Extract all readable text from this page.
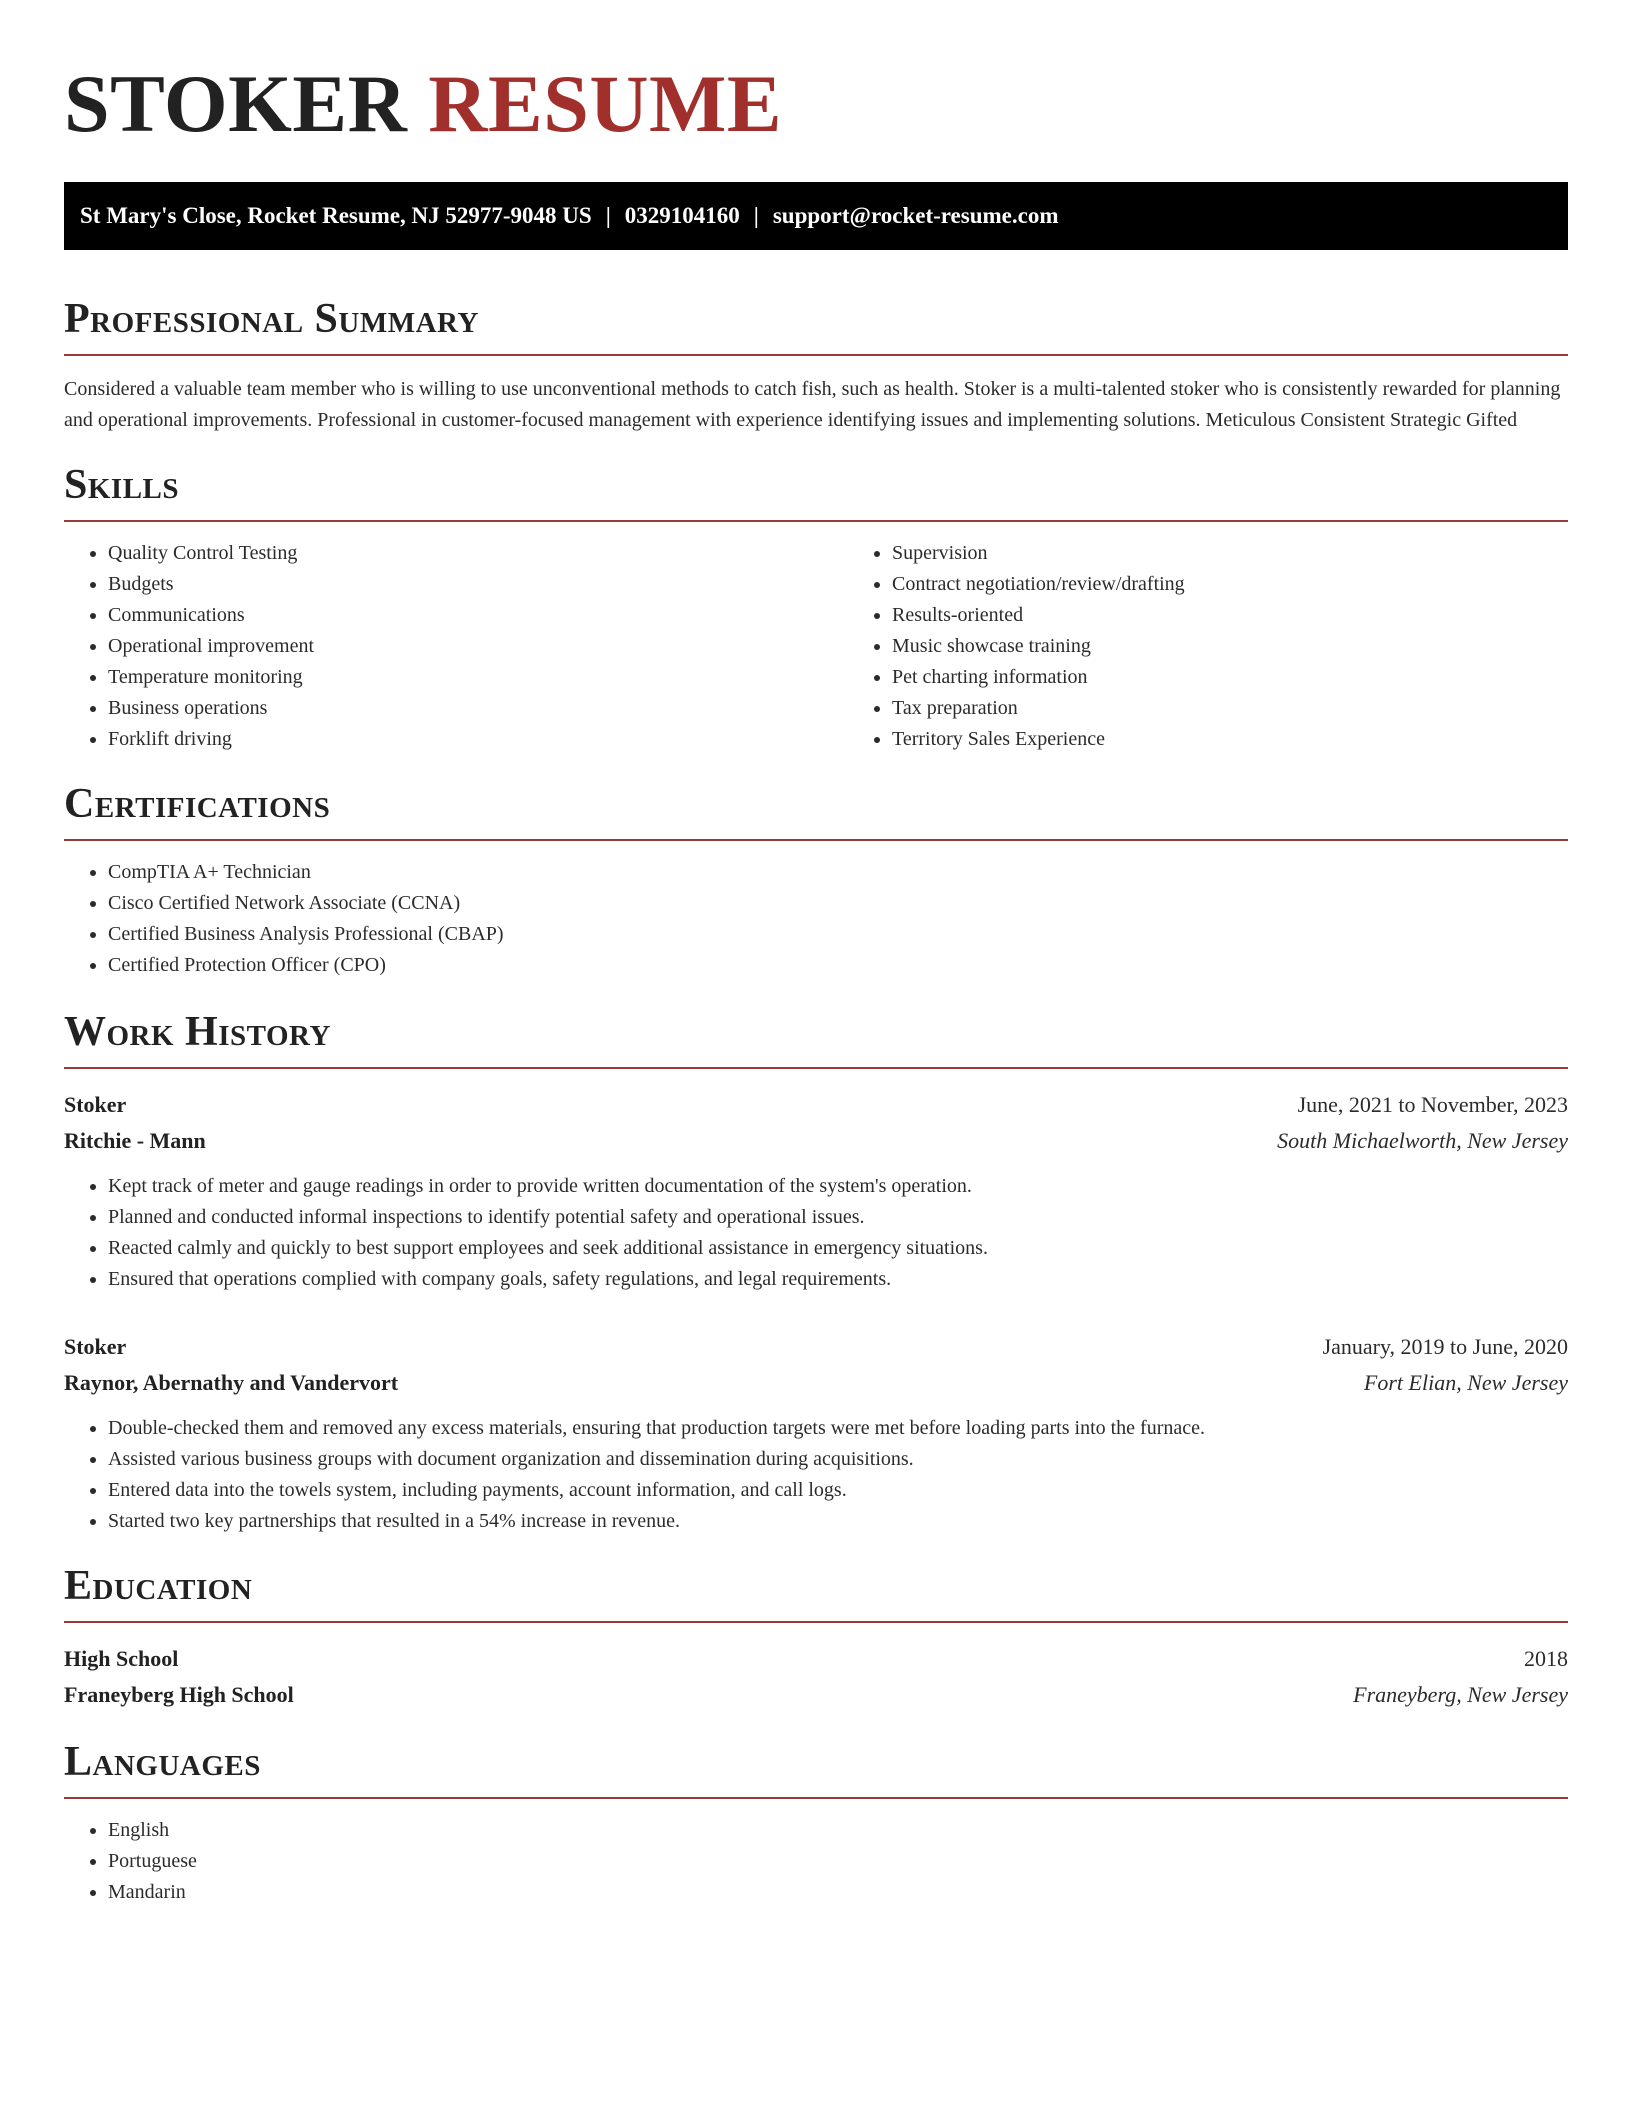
STOKER RESUME
St Mary's Close, Rocket Resume, NJ 52977-9048 US | 0329104160 | support@rocket-resume.com
Professional Summary

Considered a valuable team member who is willing to use unconventional methods to catch fish, such as health. Stoker is a multi-talented stoker who is consistently rewarded for planning and operational improvements. Professional in customer-focused management with experience identifying issues and implementing solutions. Meticulous Consistent Strategic Gifted

Skills
• Quality Control Testing
• Budgets
• Communications
• Operational improvement
• Temperature monitoring
• Business operations
• Forklift driving
• Supervision
• Contract negotiation/review/drafting
• Results-oriented
• Music showcase training
• Pet charting information
• Tax preparation
• Territory Sales Experience
Certifications
• CompTIA A+ Technician
• Cisco Certified Network Associate (CCNA)
• Certified Business Analysis Professional (CBAP)
• Certified Protection Officer (CPO)
Work History
Stoker	June, 2021 to November, 2023
Ritchie - Mann	South Michaelworth, New Jersey
• Kept track of meter and gauge readings in order to provide written documentation of the system's operation.
• Planned and conducted informal inspections to identify potential safety and operational issues.
• Reacted calmly and quickly to best support employees and seek additional assistance in emergency situations.
• Ensured that operations complied with company goals, safety regulations, and legal requirements.
Stoker	January, 2019 to June, 2020
Raynor, Abernathy and Vandervort	Fort Elian, New Jersey
• Double-checked them and removed any excess materials, ensuring that production targets were met before loading parts into the furnace.
• Assisted various business groups with document organization and dissemination during acquisitions.
• Entered data into the towels system, including payments, account information, and call logs.
• Started two key partnerships that resulted in a 54% increase in revenue.
Education
High School	2018
Franeyberg High School	Franeyberg, New Jersey
Languages
• English
• Portuguese
• Mandarin
